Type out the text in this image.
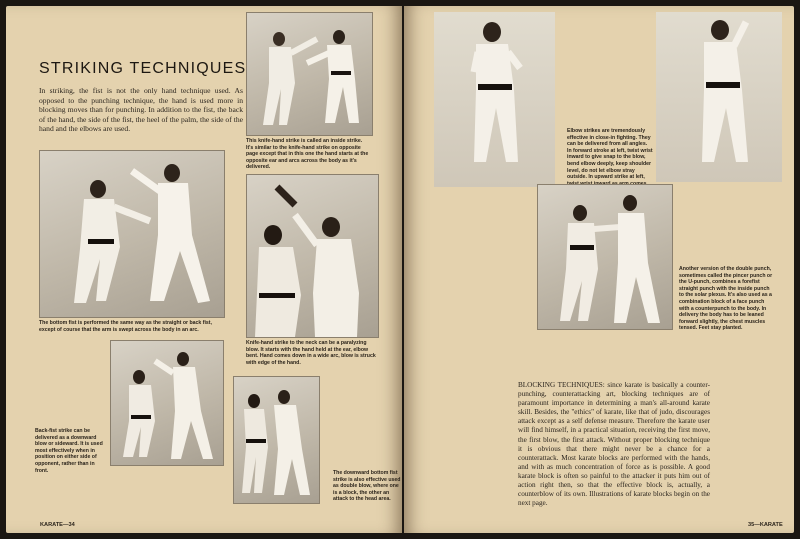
STRIKING TECHNIQUES

In striking, the fist is not the only hand technique used. As opposed to the punching technique, the hand is used more in blocking moves than for punching. In addition to the fist, the back of the hand, the side of the fist, the heel of the palm, the side of the hand and the elbows are used.

This knife-hand strike is called an inside strike. It's similar to the knife-hand strike on opposite page except that in this one the hand starts at the opposite ear and arcs across the body as it's delivered.

The bottom fist is performed the same way as the straight or back fist, except of course that the arm is swept across the body in an arc.

Knife-hand strike to the neck can be a paralyzing blow. It starts with the hand held at the ear, elbow bent. Hand comes down in a wide arc, blow is struck with edge of the hand.

Back-fist strike can be delivered as a downward blow or sideward. It is used most effectively when in position on either side of opponent, rather than in front.	The downward bottom fist strike is also effective used as double blow, where one is a block, the other an attack to the head area.

Elbow strikes are tremendously effective in close-in fighting. They can be delivered from all angles. In forward stroke at left, twist wrist inward to give snap to the blow, bend elbow deeply, keep shoulder level, do not let elbow stray outside. In upward strike at left,

Another version of the double punch, sometimes called the pincer punch or the U-punch, combines a forefist straight punch with the inside punch to the solar plexus. It's also used as a combination block of a face punch with a counterpunch to the body. In delivery the body has to be leaned forward slightly, the chest muscles tensed. Feet stay planted.

BLOCKING TECHNIQUES: since karate is basically a counter-punching, counterattacking art, blocking techniques are of paramount importance in determining a man's all-around karate skill. Besides, the "ethics" of karate, like that of judo, discourages attack except as a self defense measure. Therefore the karate user will find himself, in a practical situation, receiving the first move, the first blow, the first attack. Without proper blocking technique it is obvious that there might never be a chance for a counterattack. Most karate blocks are performed with the hands, and with as much concentration of force as is possible. A good karate block is often so painful to the attacker it puts him out of action right then, so that the effective block is, actually, a counterblow of its own. Illustrations of karate blocks begin on the next page.

KARATE—34	35—KARATE
